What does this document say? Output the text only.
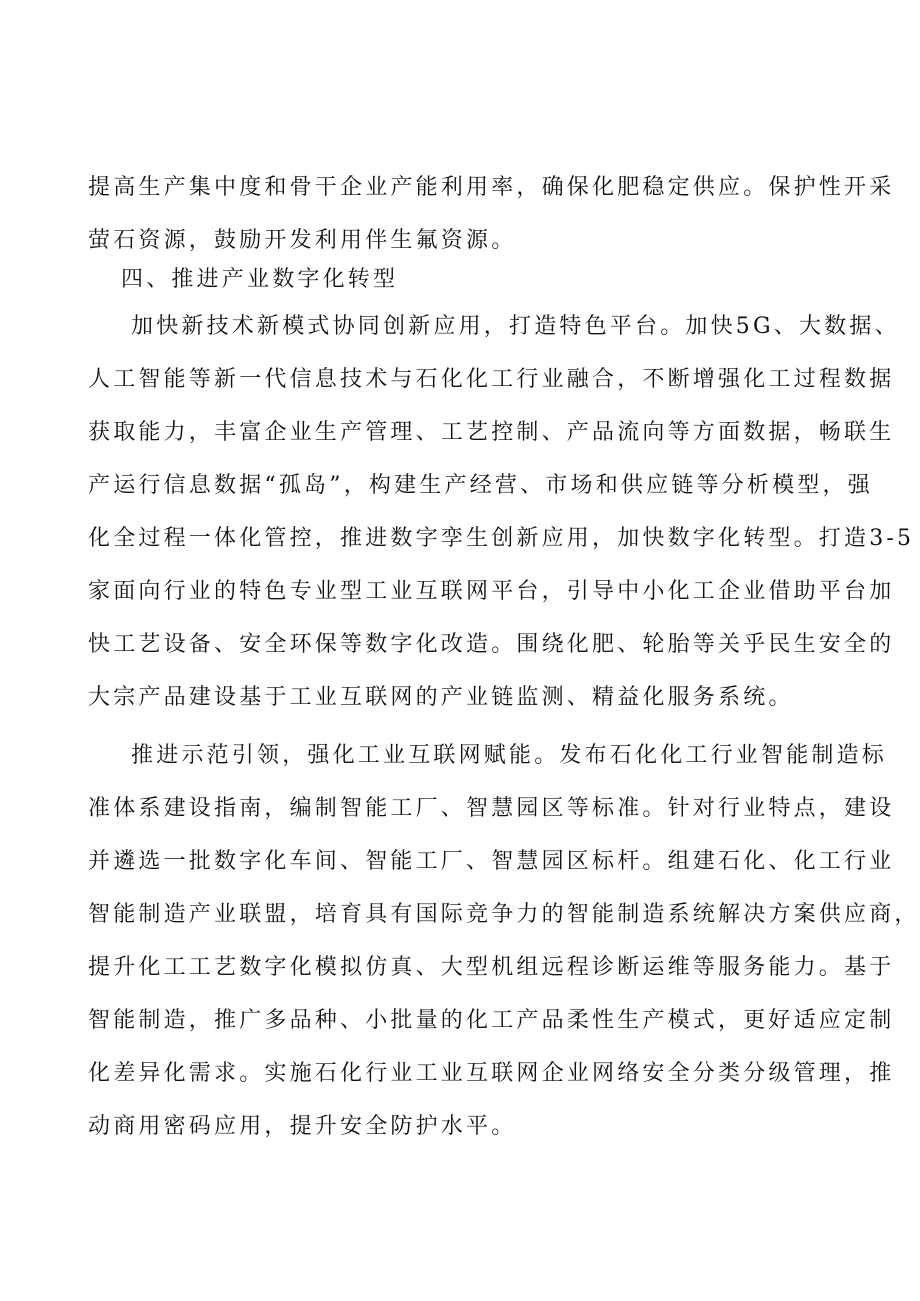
提高生产集中度和骨干企业产能利用率，确保化肥稳定供应。保护性开采
萤石资源，鼓励开发利用伴生氟资源。
四、推进产业数字化转型
加快新技术新模式协同创新应用，打造特色平台。加快5G、大数据、
人工智能等新一代信息技术与石化化工行业融合，不断增强化工过程数据
获取能力，丰富企业生产管理、工艺控制、产品流向等方面数据，畅联生
产运行信息数据“孤岛”，构建生产经营、市场和供应链等分析模型，强
化全过程一体化管控，推进数字孪生创新应用，加快数字化转型。打造3-5
家面向行业的特色专业型工业互联网平台，引导中小化工企业借助平台加
快工艺设备、安全环保等数字化改造。围绕化肥、轮胎等关乎民生安全的
大宗产品建设基于工业互联网的产业链监测、精益化服务系统。
推进示范引领，强化工业互联网赋能。发布石化化工行业智能制造标
准体系建设指南，编制智能工厂、智慧园区等标准。针对行业特点，建设
并遴选一批数字化车间、智能工厂、智慧园区标杆。组建石化、化工行业
智能制造产业联盟，培育具有国际竞争力的智能制造系统解决方案供应商，
提升化工工艺数字化模拟仿真、大型机组远程诊断运维等服务能力。基于
智能制造，推广多品种、小批量的化工产品柔性生产模式，更好适应定制
化差异化需求。实施石化行业工业互联网企业网络安全分类分级管理，推
动商用密码应用，提升安全防护水平。
